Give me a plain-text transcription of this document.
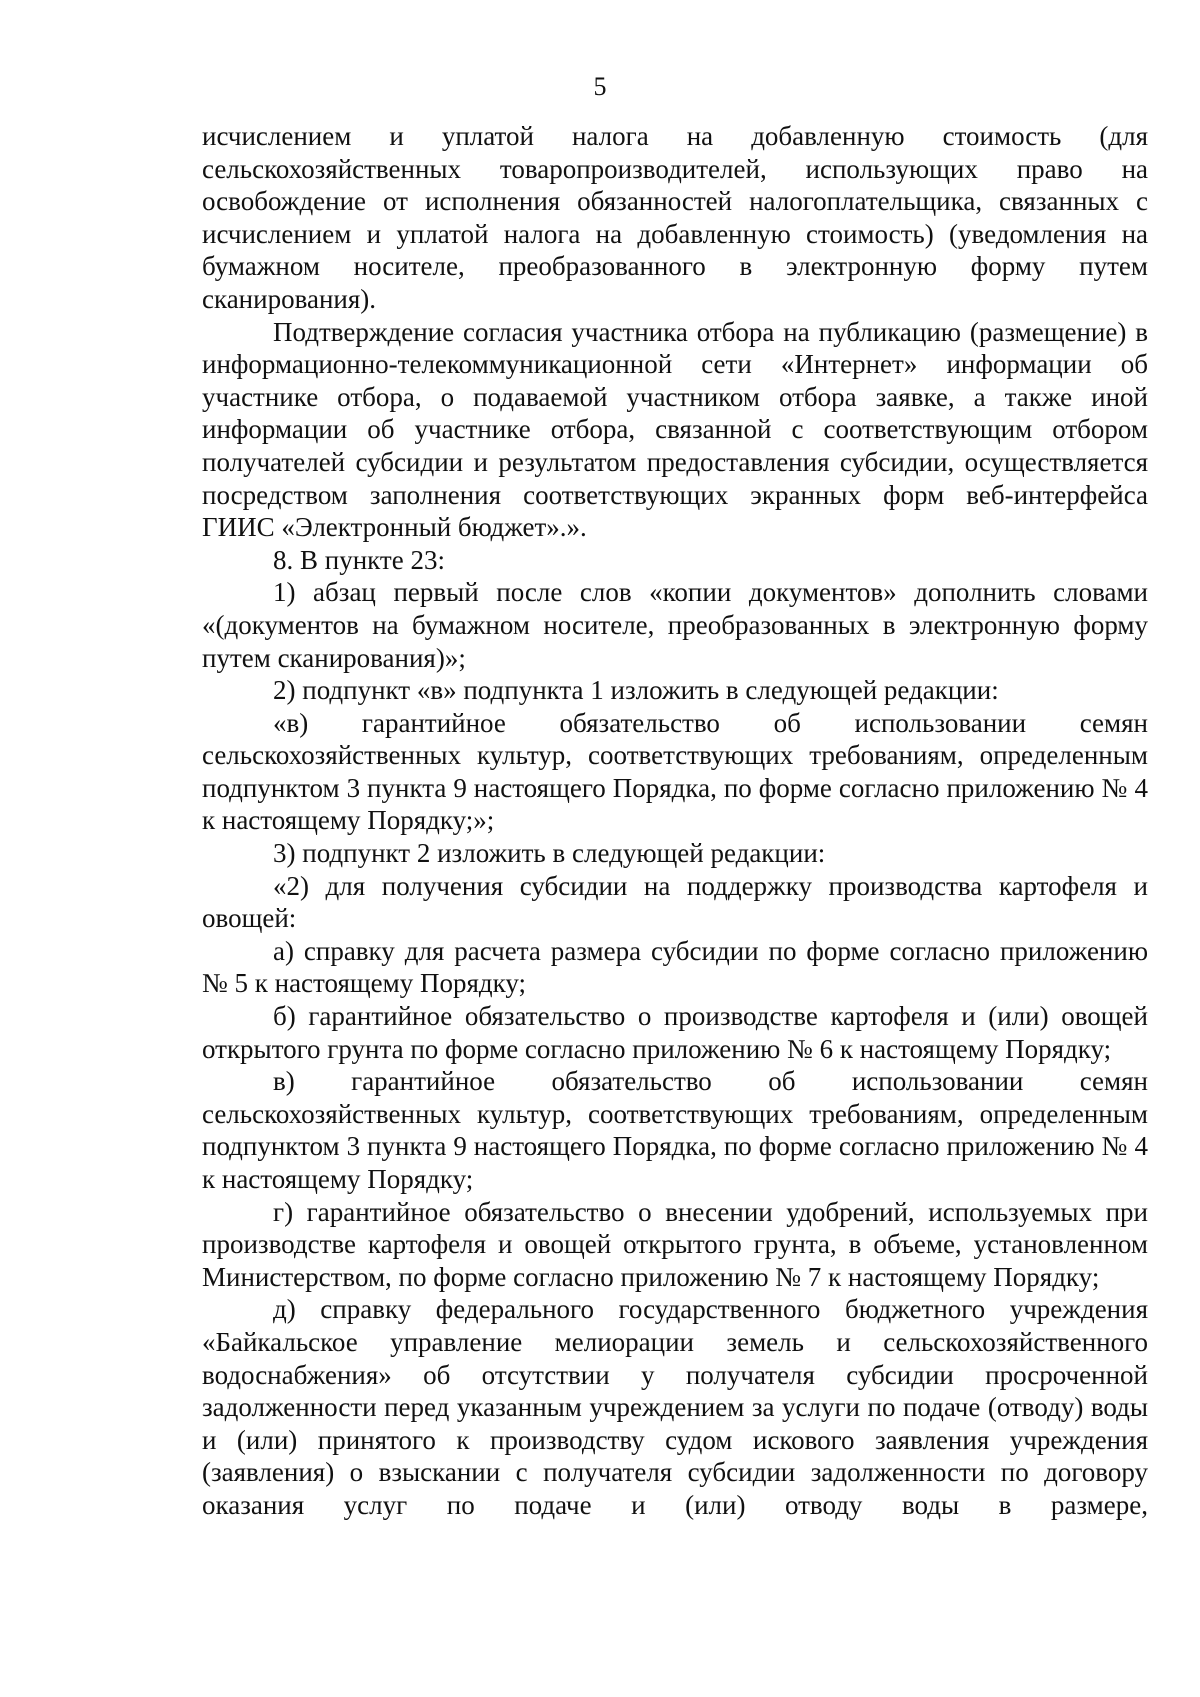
5

исчислением и уплатой налога на добавленную стоимость (для сельскохозяйственных товаропроизводителей, использующих право на освобождение от исполнения обязанностей налогоплательщика, связанных с исчислением и уплатой налога на добавленную стоимость) (уведомления на бумажном носителе, преобразованного в электронную форму путем сканирования).

Подтверждение согласия участника отбора на публикацию (размещение) в информационно-телекоммуникационной сети «Интернет» информации об участнике отбора, о подаваемой участником отбора заявке, а также иной информации об участнике отбора, связанной с соответствующим отбором получателей субсидии и результатом предоставления субсидии, осуществляется посредством заполнения соответствующих экранных форм веб-интерфейса ГИИС «Электронный бюджет».».

8. В пункте 23:

1) абзац первый после слов «копии документов» дополнить словами «(документов на бумажном носителе, преобразованных в электронную форму путем сканирования)»;

2) подпункт «в» подпункта 1 изложить в следующей редакции:

«в) гарантийное обязательство об использовании семян сельскохозяйственных культур, соответствующих требованиям, определенным подпунктом 3 пункта 9 настоящего Порядка, по форме согласно приложению № 4 к настоящему Порядку;»;

3) подпункт 2 изложить в следующей редакции:

«2) для получения субсидии на поддержку производства картофеля и овощей:

а) справку для расчета размера субсидии по форме согласно приложению № 5 к настоящему Порядку;

б) гарантийное обязательство о производстве картофеля и (или) овощей открытого грунта по форме согласно приложению № 6 к настоящему Порядку;

в) гарантийное обязательство об использовании семян сельскохозяйственных культур, соответствующих требованиям, определенным подпунктом 3 пункта 9 настоящего Порядка, по форме согласно приложению № 4 к настоящему Порядку;

г) гарантийное обязательство о внесении удобрений, используемых при производстве картофеля и овощей открытого грунта, в объеме, установленном Министерством, по форме согласно приложению № 7 к настоящему Порядку;

д) справку федерального государственного бюджетного учреждения «Байкальское управление мелиорации земель и сельскохозяйственного водоснабжения» об отсутствии у получателя субсидии просроченной задолженности перед указанным учреждением за услуги по подаче (отводу) воды и (или) принятого к производству судом искового заявления учреждения (заявления) о взыскании с получателя субсидии задолженности по договору оказания услуг по подаче и (или) отводу воды в размере,
